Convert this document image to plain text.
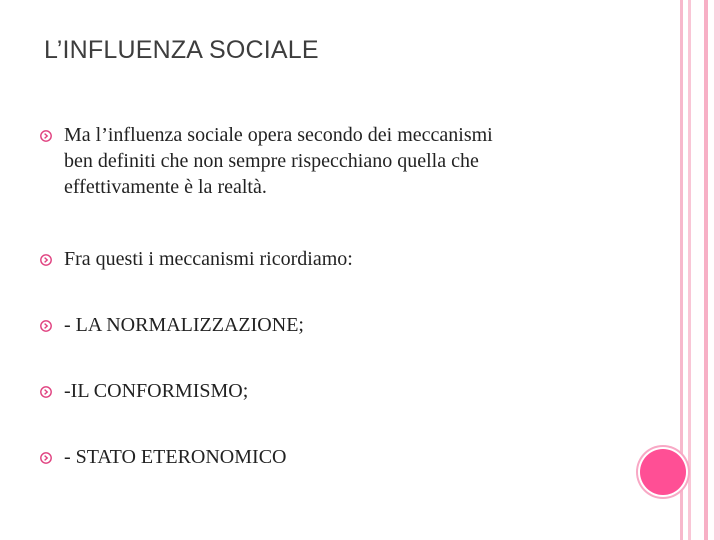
L’INFLUENZA SOCIALE
Ma l’influenza sociale opera secondo dei meccanismi
ben definiti che non sempre rispecchiano quella che
effettivamente è la realtà.
Fra questi i meccanismi ricordiamo:
- LA NORMALIZZAZIONE;
-IL CONFORMISMO;
- STATO ETERONOMICO
